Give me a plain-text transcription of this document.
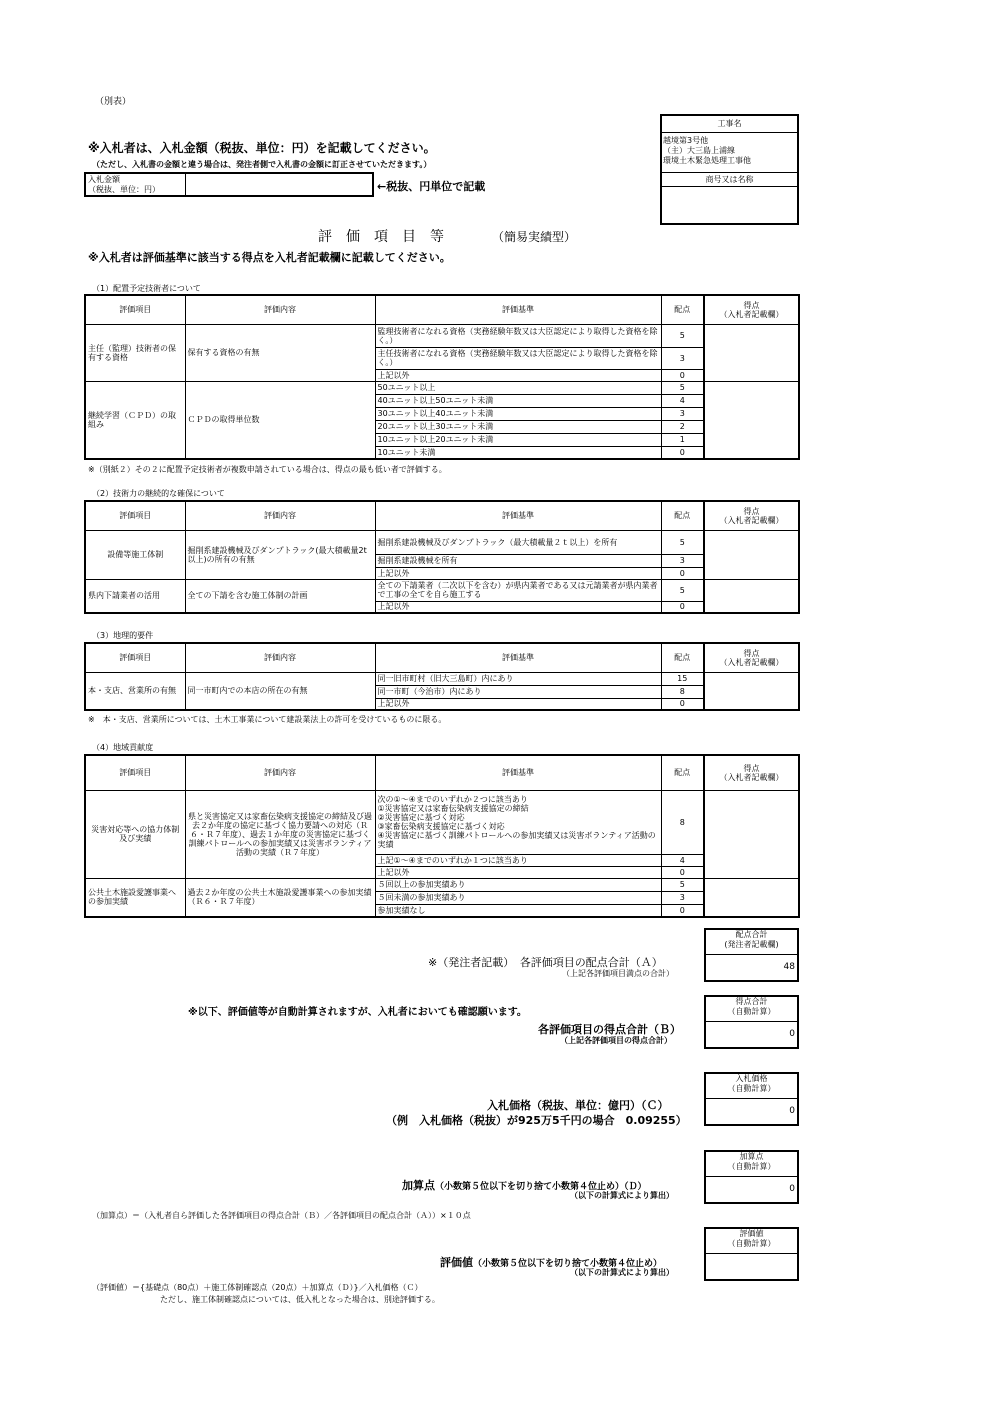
（別表）
※入札者は、入札金額（税抜、単位：円）を記載してください。
（ただし、入札書の金額と違う場合は、発注者側で入札書の金額に訂正させていただきます。）
入札金額
（税抜、単位：円）	←税抜、円単位で記載
工事名
越境第3号他
（主）大三島上浦線
環境土木緊急処理工事他
商号又は名称
評　価　項　目　等	（簡易実績型）
※入札者は評価基準に該当する得点を入札者記載欄に記載してください。
（1）配置予定技術者について
評価項目	評価内容	評価基準	配点	得点
（入札者記載欄）

主任（監理）技術者の保有する資格	保有する資格の有無	監理技術者になれる資格（実務経験年数又は大臣認定により取得した資格を除く。）	5	
		主任技術者になれる資格（実務経験年数又は大臣認定により取得した資格を除く。）	3	
		上記以外	0	
継続学習（ＣＰＤ）の取組み	ＣＰＤの取得単位数	50ユニット以上	5	
		40ユニット以上50ユニット未満	4	
		30ユニット以上40ユニット未満	3	
		20ユニット以上30ユニット未満	2	
		10ユニット以上20ユニット未満	1	
		10ユニット未満	0	
※（別紙２）その２に配置予定技術者が複数申請されている場合は、得点の最も低い者で評価する。
（2）技術力の継続的な確保について
評価項目	評価内容	評価基準	配点	得点
（入札者記載欄）

設備等施工体制	掘削系建設機械及びダンプトラック(最大積載量2t以上)の所有の有無	掘削系建設機械及びダンプトラック（最大積載量２ｔ以上）を所有	5	
		掘削系建設機械を所有	3	
		上記以外	0	
県内下請業者の活用	全ての下請を含む施工体制の計画	全ての下請業者（二次以下を含む）が県内業者である又は元請業者が県内業者で工事の全てを自ら施工する	5	
		上記以外	0	
（3）地理的要件
評価項目	評価内容	評価基準	配点	得点
（入札者記載欄）

本・支店、営業所の有無	同一市町内での本店の所在の有無	同一旧市町村（旧大三島町）内にあり	15	
		同一市町（今治市）内にあり	8	
		上記以外	0	
※　本・支店、営業所については、土木工事業について建設業法上の許可を受けているものに限る。
（4）地域貢献度
評価項目	評価内容	評価基準	配点	得点
（入札者記載欄）

災害対応等への協力体制及び実績	県と災害協定又は家畜伝染病支援協定の締結及び過去２か年度の協定に基づく協力要請への対応（Ｒ６・Ｒ７年度）、過去１か年度の災害協定に基づく訓練パトロールへの参加実績又は災害ボランティア活動の実績（Ｒ７年度）	次の①～④までのいずれか２つに該当あり
①災害協定又は家畜伝染病支援協定の締結
②災害協定に基づく対応
③家畜伝染病支援協定に基づく対応
④災害協定に基づく訓練パトロールへの参加実績又は災害ボランティア活動の実績	8	
		上記①～④までのいずれか１つに該当あり	4	
		上記以外	0	
公共土木施設愛護事業への参加実績	過去２か年度の公共土木施設愛護事業への参加実績（Ｒ６・Ｒ７年度）	５回以上の参加実績あり	5	
		５回未満の参加実績あり	3	
		参加実績なし	0	
配点合計
(発注者記載欄)
48
※（発注者記載）　各評価項目の配点合計（Ａ）
（上記各評価項目満点の合計）
※以下、評価値等が自動計算されますが、入札者においても確認願います。
得点合計
（自動計算）
0
各評価項目の得点合計（Ｂ）
（上記各評価項目の得点合計）
入札価格
（自動計算）
0
入札価格（税抜、単位：億円）（Ｃ）
（例　入札価格（税抜）が925万5千円の場合　0.09255）
加算点
（自動計算）
0
加算点（小数第５位以下を切り捨て小数第４位止め）（Ｄ）
（以下の計算式により算出）
（加算点）＝（入札者自ら評価した各評価項目の得点合計（Ｂ）／各評価項目の配点合計（Ａ））×１０点
評価値
（自動計算）
評価値（小数第５位以下を切り捨て小数第４位止め）
（以下の計算式により算出）
（評価値）＝{基礎点（80点）＋施工体制確認点（20点）＋加算点（Ｄ）}／入札価格（Ｃ）
ただし、施工体制確認点については、低入札となった場合は、別途評価する。
